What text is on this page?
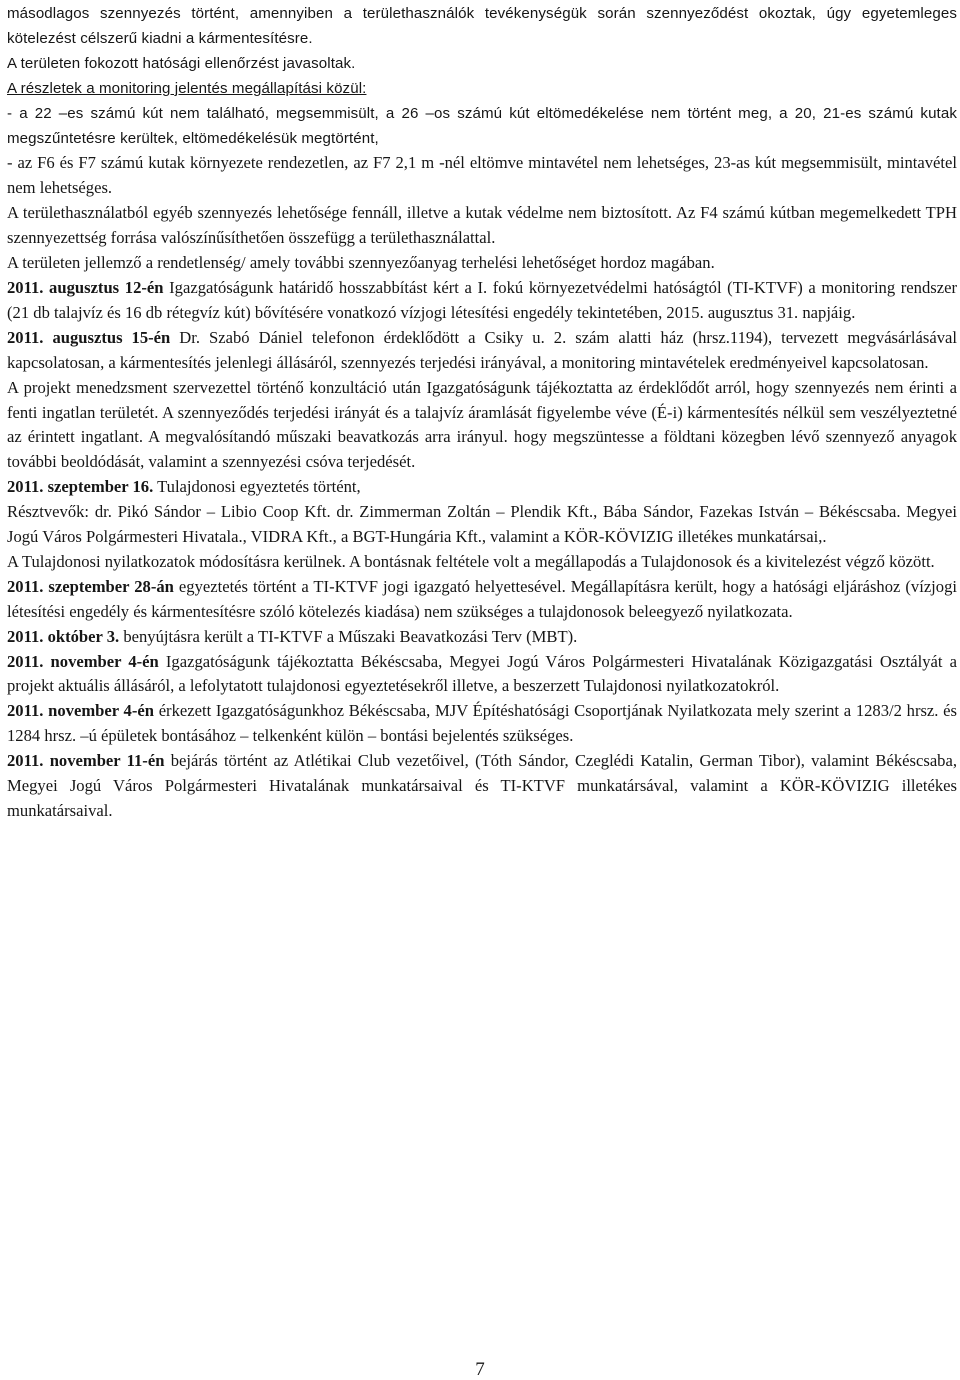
másodlagos szennyezés történt, amennyiben a területhasználók tevékenységük során szennyeződést okoztak, úgy egyetemleges kötelezést célszerű kiadni a kármentesítésre.

A területen fokozott hatósági ellenőrzést javasoltak.

A részletek a monitoring jelentés megállapítási közül:

- a 22 –es számú kút nem található, megsemmisült, a 26 –os számú kút eltömedékelése nem történt meg, a 20, 21-es számú kutak megszűntetésre kerültek, eltömedékelésük megtörtént,

- az F6 és F7 számú kutak környezete rendezetlen, az F7 2,1 m -nél eltömve mintavétel nem lehetséges, 23-as kút megsemmisült, mintavétel nem lehetséges.

A területhasználatból egyéb szennyezés lehetősége fennáll, illetve a kutak védelme nem biztosított. Az F4 számú kútban megemelkedett TPH szennyezettség forrása valószínűsíthetően összefügg a területhasználattal.

A területen jellemző a rendetlenség/ amely további szennyezőanyag terhelési lehetőséget hordoz magában.

2011. augusztus 12-én Igazgatóságunk határidő hosszabbítást kért a I. fokú környezetvédelmi hatóságtól (TI-KTVF) a monitoring rendszer (21 db talajvíz és 16 db rétegvíz kút) bővítésére vonatkozó vízjogi létesítési engedély tekintetében, 2015. augusztus 31. napjáig.

2011. augusztus 15-én Dr. Szabó Dániel telefonon érdeklődött a Csiky u. 2. szám alatti ház (hrsz.1194), tervezett megvásárlásával kapcsolatosan, a kármentesítés jelenlegi állásáról, szennyezés terjedési irányával, a monitoring mintavételek eredményeivel kapcsolatosan.

A projekt menedzsment szervezettel történő konzultáció után Igazgatóságunk tájékoztatta az érdeklődőt arról, hogy szennyezés nem érinti a fenti ingatlan területét. A szennyeződés terjedési irányát és a talajvíz áramlását figyelembe véve (É-i) kármentesítés nélkül sem veszélyeztetné az érintett ingatlant. A megvalósítandó műszaki beavatkozás arra irányul. hogy megszüntesse a földtani közegben lévő szennyező anyagok további beoldódását, valamint a szennyezési csóva terjedését.

2011. szeptember 16. Tulajdonosi egyeztetés történt,

Résztvevők: dr. Pikó Sándor – Libio Coop Kft. dr. Zimmerman Zoltán – Plendik Kft., Bába Sándor, Fazekas István – Békéscsaba. Megyei Jogú Város Polgármesteri Hivatala., VIDRA Kft., a BGT-Hungária Kft., valamint a KÖR-KÖVIZIG illetékes munkatársai,.

A Tulajdonosi nyilatkozatok módosításra kerülnek. A bontásnak feltétele volt a megállapodás a Tulajdonosok és a kivitelezést végző között.

2011. szeptember 28-án egyeztetés történt a TI-KTVF jogi igazgató helyettesével. Megállapításra került, hogy a hatósági eljáráshoz (vízjogi létesítési engedély és kármentesítésre szóló kötelezés kiadása) nem szükséges a tulajdonosok beleegyező nyilatkozata.

2011. október 3. benyújtásra került a TI-KTVF a Műszaki Beavatkozási Terv (MBT).

2011. november 4-én Igazgatóságunk tájékoztatta Békéscsaba, Megyei Jogú Város Polgármesteri Hivatalának Közigazgatási Osztályát a projekt aktuális állásáról, a lefolytatott tulajdonosi egyeztetésekről illetve, a beszerzett Tulajdonosi nyilatkozatokról.

2011. november 4-én érkezett Igazgatóságunkhoz Békéscsaba, MJV Építéshatósági Csoportjának Nyilatkozata mely szerint a 1283/2 hrsz. és 1284 hrsz. –ú épületek bontásához – telkenként külön – bontási bejelentés szükséges.

2011. november 11-én bejárás történt az Atlétikai Club vezetőivel, (Tóth Sándor, Czeglédi Katalin, German Tibor), valamint Békéscsaba, Megyei Jogú Város Polgármesteri Hivatalának munkatársaival és TI-KTVF munkatársával, valamint a KÖR-KÖVIZIG illetékes munkatársaival.

7
